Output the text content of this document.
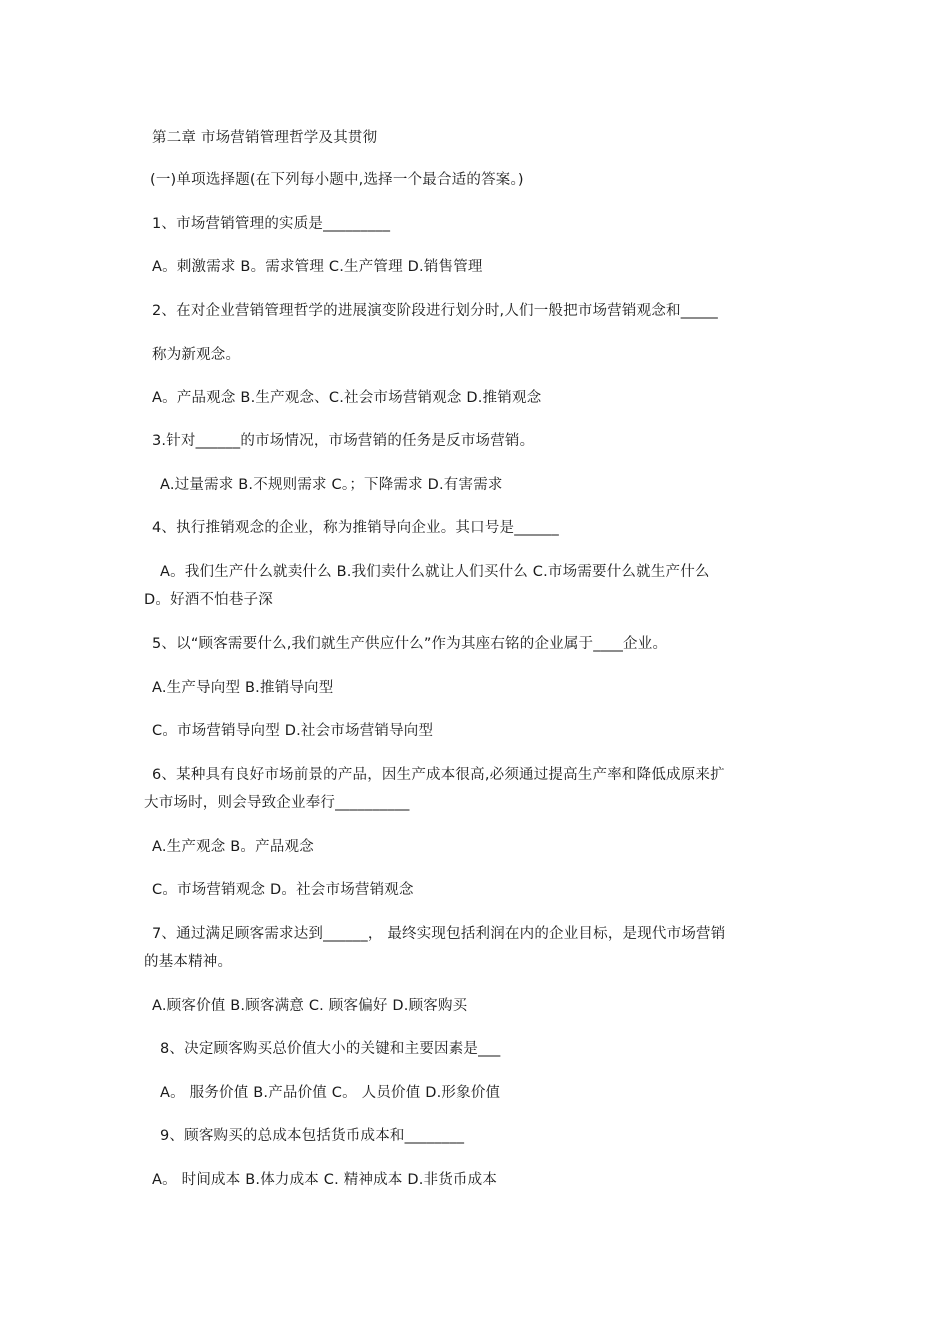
第二章 市场营销管理哲学及其贯彻
(一)单项选择题(在下列每小题中,选择一个最合适的答案。)
1、市场营销管理的实质是_________
A。刺激需求 B。需求管理 C.生产管理 D.销售管理
2、在对企业营销管理哲学的进展演变阶段进行划分时,人们一般把市场营销观念和_____
称为新观念。
A。产品观念 B.生产观念、C.社会市场营销观念 D.推销观念
3.针对______的市场情况，市场营销的任务是反市场营销。
A.过量需求 B.不规则需求 C。；下降需求 D.有害需求
4、执行推销观念的企业，称为推销导向企业。其口号是______
A。我们生产什么就卖什么 B.我们卖什么就让人们买什么 C.市场需要什么就生产什么
D。好酒不怕巷子深
5、以“顾客需要什么,我们就生产供应什么”作为其座右铭的企业属于____企业。
A.生产导向型 B.推销导向型
C。市场营销导向型 D.社会市场营销导向型
6、某种具有良好市场前景的产品，因生产成本很高,必须通过提高生产率和降低成原来扩
大市场时，则会导致企业奉行__________
A.生产观念 B。产品观念
C。市场营销观念 D。社会市场营销观念
7、通过满足顾客需求达到______， 最终实现包括利润在内的企业目标，是现代市场营销
的基本精神。
A.顾客价值 B.顾客满意 C. 顾客偏好 D.顾客购买
8、决定顾客购买总价值大小的关键和主要因素是___
A。 服务价值 B.产品价值 C。 人员价值 D.形象价值
9、顾客购买的总成本包括货币成本和________
A。 时间成本 B.体力成本 C. 精神成本 D.非货币成本
